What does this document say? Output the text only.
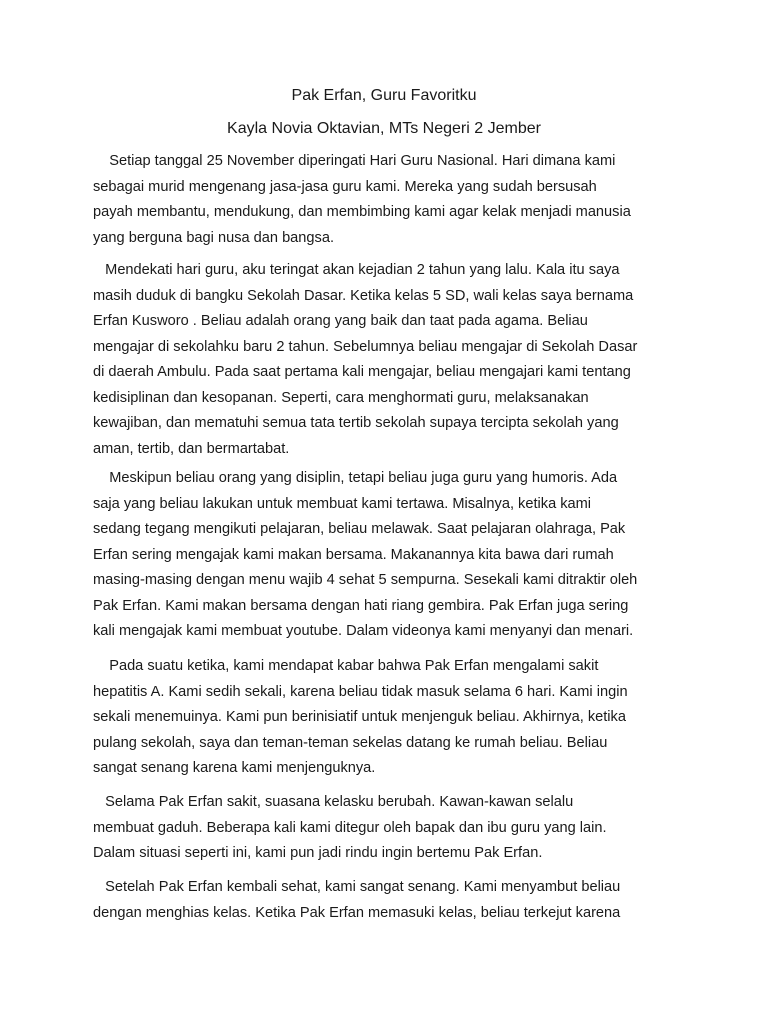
Pak Erfan, Guru Favoritku
Kayla Novia Oktavian, MTs Negeri 2 Jember
Setiap tanggal 25 November diperingati Hari Guru Nasional. Hari dimana kami
sebagai murid mengenang jasa-jasa guru kami. Mereka yang sudah bersusah
payah membantu, mendukung, dan membimbing kami agar kelak menjadi manusia
yang berguna bagi nusa dan bangsa.
Mendekati hari guru, aku teringat akan kejadian 2 tahun yang lalu. Kala itu saya
masih duduk di bangku Sekolah Dasar. Ketika kelas 5 SD, wali kelas saya bernama
Erfan Kusworo . Beliau adalah orang yang baik dan taat pada agama. Beliau
mengajar di sekolahku baru 2 tahun. Sebelumnya beliau mengajar di Sekolah Dasar
di daerah Ambulu. Pada saat pertama kali mengajar, beliau mengajari kami tentang
kedisiplinan dan kesopanan. Seperti, cara menghormati guru, melaksanakan
kewajiban, dan mematuhi semua tata tertib sekolah supaya tercipta sekolah yang
aman, tertib, dan bermartabat.
Meskipun beliau orang yang disiplin, tetapi beliau juga guru yang humoris. Ada
saja yang beliau lakukan untuk membuat kami tertawa. Misalnya, ketika kami
sedang tegang mengikuti pelajaran, beliau melawak. Saat pelajaran olahraga, Pak
Erfan sering mengajak kami makan bersama. Makanannya kita bawa dari rumah
masing-masing dengan menu wajib 4 sehat 5 sempurna. Sesekali kami ditraktir oleh
Pak Erfan. Kami makan bersama dengan hati riang gembira. Pak Erfan juga sering
kali mengajak kami membuat youtube. Dalam videonya kami menyanyi dan menari.
Pada suatu ketika, kami mendapat kabar bahwa Pak Erfan mengalami sakit
hepatitis A. Kami sedih sekali, karena beliau tidak masuk selama 6 hari. Kami ingin
sekali menemuinya. Kami pun berinisiatif untuk menjenguk beliau. Akhirnya, ketika
pulang sekolah, saya dan teman-teman sekelas datang ke rumah beliau. Beliau
sangat senang karena kami menjenguknya.
Selama Pak Erfan sakit, suasana kelasku berubah. Kawan-kawan selalu
membuat gaduh. Beberapa kali kami ditegur oleh bapak dan ibu guru yang lain.
Dalam situasi seperti ini, kami pun jadi rindu ingin bertemu Pak Erfan.
Setelah Pak Erfan kembali sehat, kami sangat senang. Kami menyambut beliau
dengan menghias kelas. Ketika Pak Erfan memasuki kelas, beliau terkejut karena
